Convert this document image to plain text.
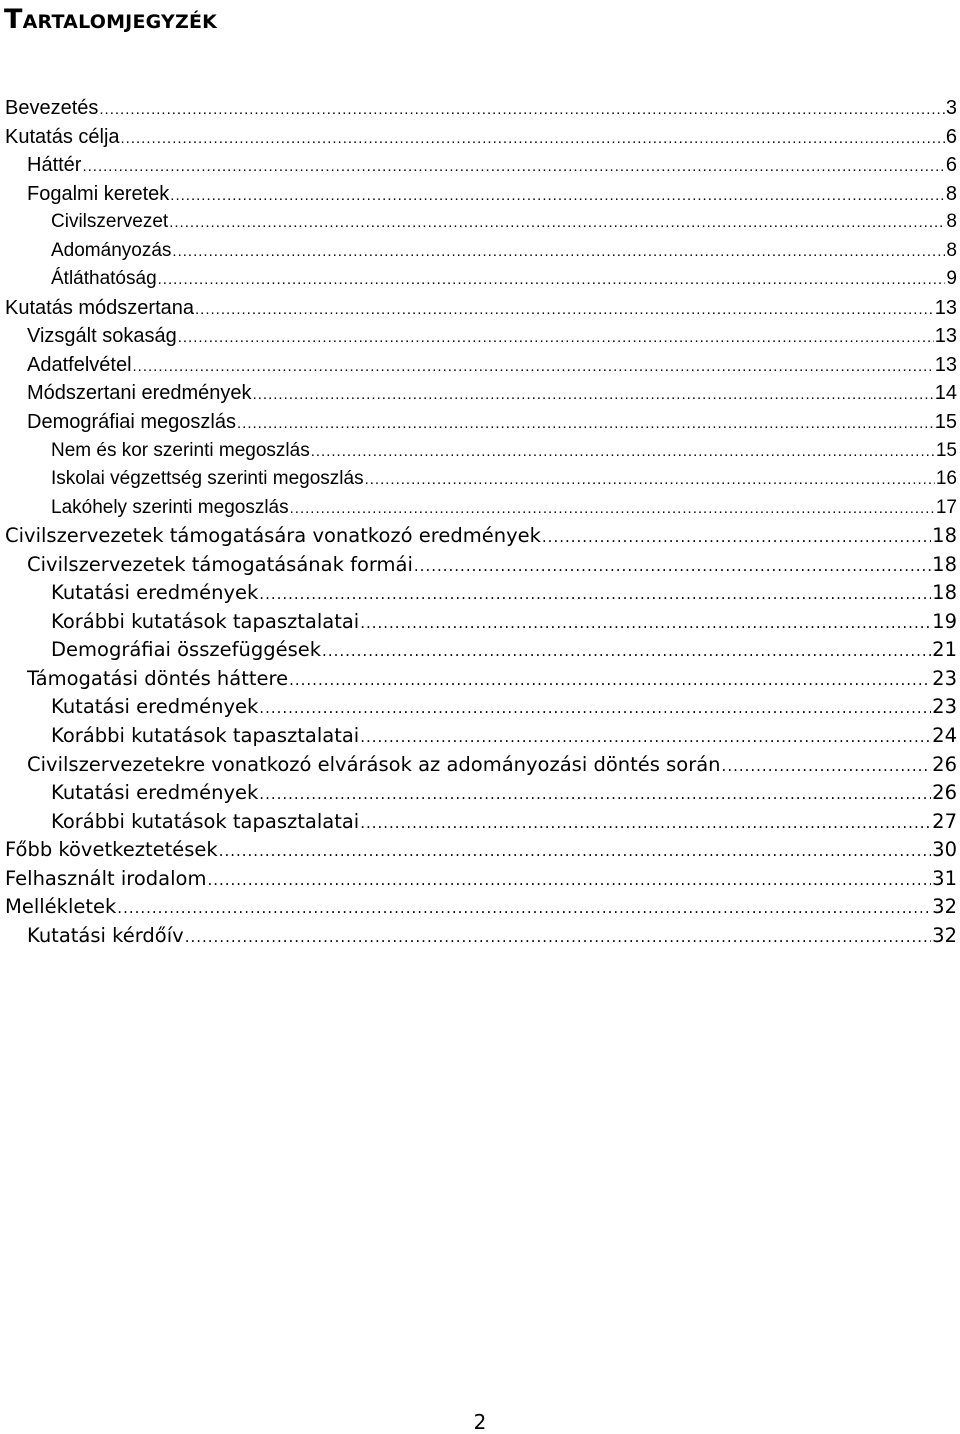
Tartalomjegyzék
Bevezetés .....	3
Kutatás célja .....	6
Háttér .....	6
Fogalmi keretek .....	8
Civilszervezet .....	8
Adományozás .....	8
Átláthatóság .....	9
Kutatás módszertana .....	13
Vizsgált sokaság .....	13
Adatfelvétel .....	13
Módszertani eredmények .....	14
Demográfiai megoszlás .....	15
Nem és kor szerinti megoszlás .....	15
Iskolai végzettség szerinti megoszlás .....	16
Lakóhely szerinti megoszlás .....	17
Civilszervezetek támogatására vonatkozó eredmények .....	18
Civilszervezetek támogatásának formái .....	18
Kutatási eredmények .....	18
Korábbi kutatások tapasztalatai .....	19
Demográfiai összefüggések .....	21
Támogatási döntés háttere .....	23
Kutatási eredmények .....	23
Korábbi kutatások tapasztalatai .....	24
Civilszervezetekre vonatkozó elvárások az adományozási döntés során .....	26
Kutatási eredmények .....	26
Korábbi kutatások tapasztalatai .....	27
Főbb következtetések .....	30
Felhasznált irodalom .....	31
Mellékletek .....	32
Kutatási kérdőív .....	32
2
